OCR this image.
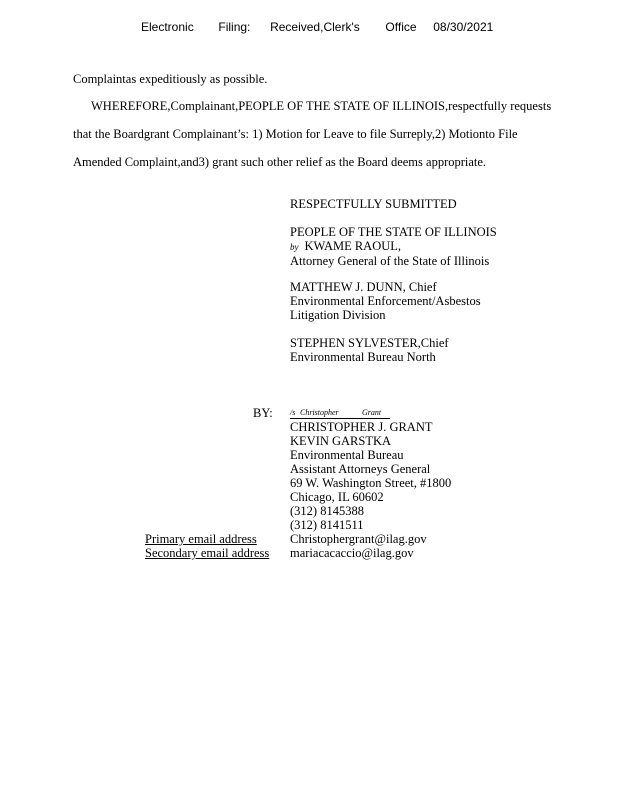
Electronic Filing: Received,Clerk's Office 08/30/2021
Complaintas expeditiously as possible.
WHEREFORE,Complainant,PEOPLE OF THE STATE OF ILLINOIS,respectfully requests
that the Boardgrant Complainant’s: 1) Motion for Leave to file Surreply,2) Motionto File
Amended Complaint,and3) grant such other relief as the Board deems appropriate.
RESPECTFULLY SUBMITTED
PEOPLE OF THE STATE OF ILLINOIS
by KWAME RAOUL,
Attorney General of the State of Illinois
MATTHEW J. DUNN, Chief
Environmental Enforcement/Asbestos
Litigation Division
STEPHEN SYLVESTER,Chief
Environmental Bureau North
BY: /s Christopher	Grant
CHRISTOPHER J. GRANT
KEVIN GARSTKA
Environmental Bureau
Assistant Attorneys General
69 W. Washington Street, #1800
Chicago, IL 60602
(312) 8145388
(312) 8141511
Christophergrant@ilag.gov
mariacacaccio@ilag.gov
Primary email address
Secondary email address
